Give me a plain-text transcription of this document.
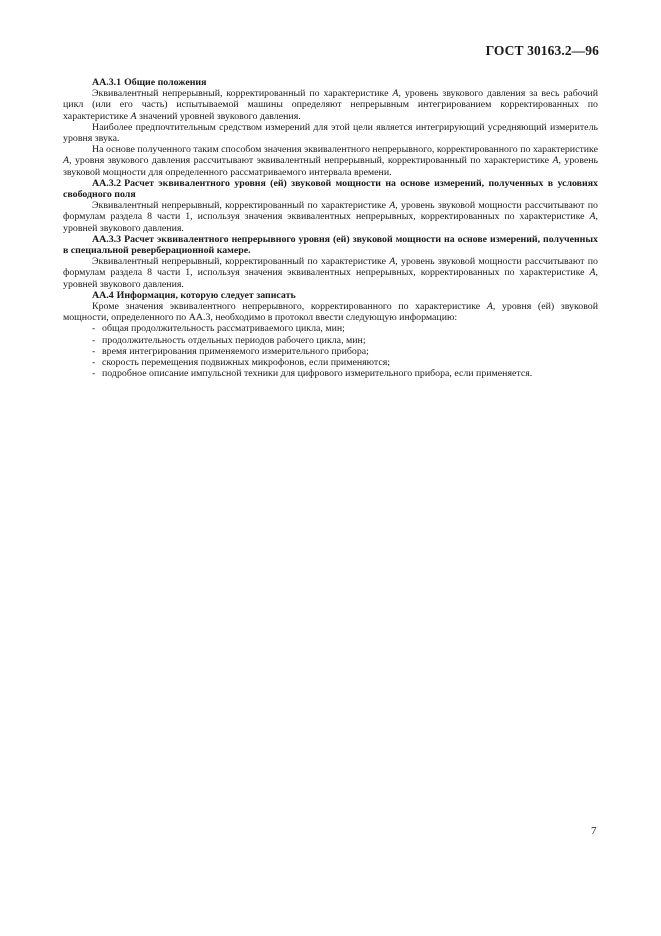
ГОСТ 30163.2—96

АА.3.1 Общие положения

Эквивалентный непрерывный, корректированный по характеристике A, уровень звукового давления за весь рабочий цикл (или его часть) испытываемой машины определяют непрерывным интегрированием корректированных по характеристике A значений уровней звукового давления.

Наиболее предпочтительным средством измерений для этой цели является интегрирующий усредняющий измеритель уровня звука.

На основе полученного таким способом значения эквивалентного непрерывного, корректированного по характеристике A, уровня звукового давления рассчитывают эквивалентный непрерывный, корректированный по характеристике A, уровень звуковой мощности для определенного рассматриваемого интервала времени.

АА.3.2 Расчет эквивалентного уровня (ей) звуковой мощности на основе измерений, полученных в условиях свободного поля

Эквивалентный непрерывный, корректированный по характеристике A, уровень звуковой мощности рассчитывают по формулам раздела 8 части 1, используя значения эквивалентных непрерывных, корректированных по характеристике A, уровней звукового давления.

АА.3.3 Расчет эквивалентного непрерывного уровня (ей) звуковой мощности на основе измерений, полученных в специальной реверберационной камере.

Эквивалентный непрерывный, корректированный по характеристике A, уровень звуковой мощности рассчитывают по формулам раздела 8 части 1, используя значения эквивалентных непрерывных, корректированных по характеристике A, уровней звукового давления.

АА.4 Информация, которую следует записать

Кроме значения эквивалентного непрерывного, корректированного по характеристике A, уровня (ей) звуковой мощности, определенного по АА.3, необходимо в протокол ввести следующую информацию:

- общая продолжительность рассматриваемого цикла, мин;
- продолжительность отдельных периодов рабочего цикла, мин;
- время интегрирования применяемого измерительного прибора;
- скорость перемещения подвижных микрофонов, если применяются;
- подробное описание импульсной техники для цифрового измерительного прибора, если применяется.
7
